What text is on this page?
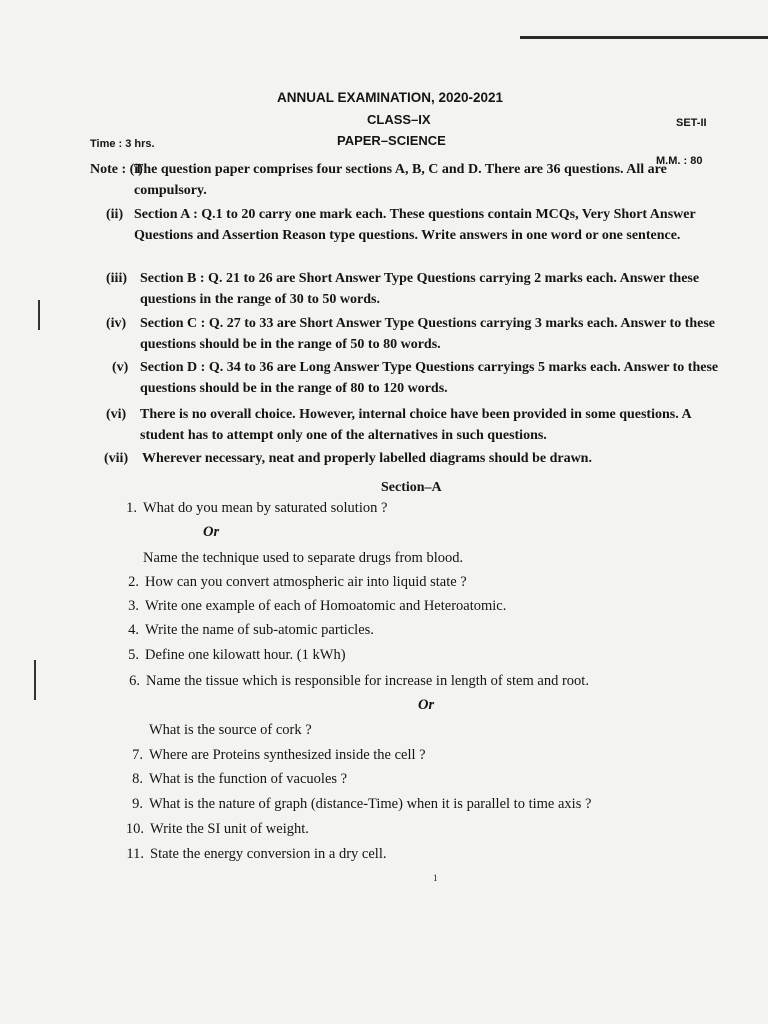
ANNUAL EXAMINATION, 2020-2021
CLASS–IX
PAPER–SCIENCE
SET-II
Time : 3 hrs.
M.M. : 80
Note : (i)
The question paper comprises four sections A, B, C and D. There are 36 questions. All are compulsory.
(ii) Section A : Q.1 to 20 carry one mark each. These questions contain MCQs, Very Short Answer Questions and Assertion Reason type questions. Write answers in one word or one sentence.
(iii) Section B : Q. 21 to 26 are Short Answer Type Questions carrying 2 marks each. Answer these questions in the range of 30 to 50 words.
(iv) Section C : Q. 27 to 33 are Short Answer Type Questions carrying 3 marks each. Answer to these questions should be in the range of 50 to 80 words.
(v) Section D : Q. 34 to 36 are Long Answer Type Questions carryings 5 marks each. Answer to these questions should be in the range of 80 to 120 words.
(vi) There is no overall choice. However, internal choice have been provided in some questions. A student has to attempt only one of the alternatives in such questions.
(vii) Wherever necessary, neat and properly labelled diagrams should be drawn.
Section–A
1. What do you mean by saturated solution ?
Or
Name the technique used to separate drugs from blood.
2. How can you convert atmospheric air into liquid state ?
3. Write one example of each of Homoatomic and Heteroatomic.
4. Write the name of sub-atomic particles.
5. Define one kilowatt hour. (1 kWh)
6. Name the tissue which is responsible for increase in length of stem and root.
Or
What is the source of cork ?
7. Where are Proteins synthesized inside the cell ?
8. What is the function of vacuoles ?
9. What is the nature of graph (distance-Time) when it is parallel to time axis ?
10. Write the SI unit of weight.
11. State the energy conversion in a dry cell.
1
